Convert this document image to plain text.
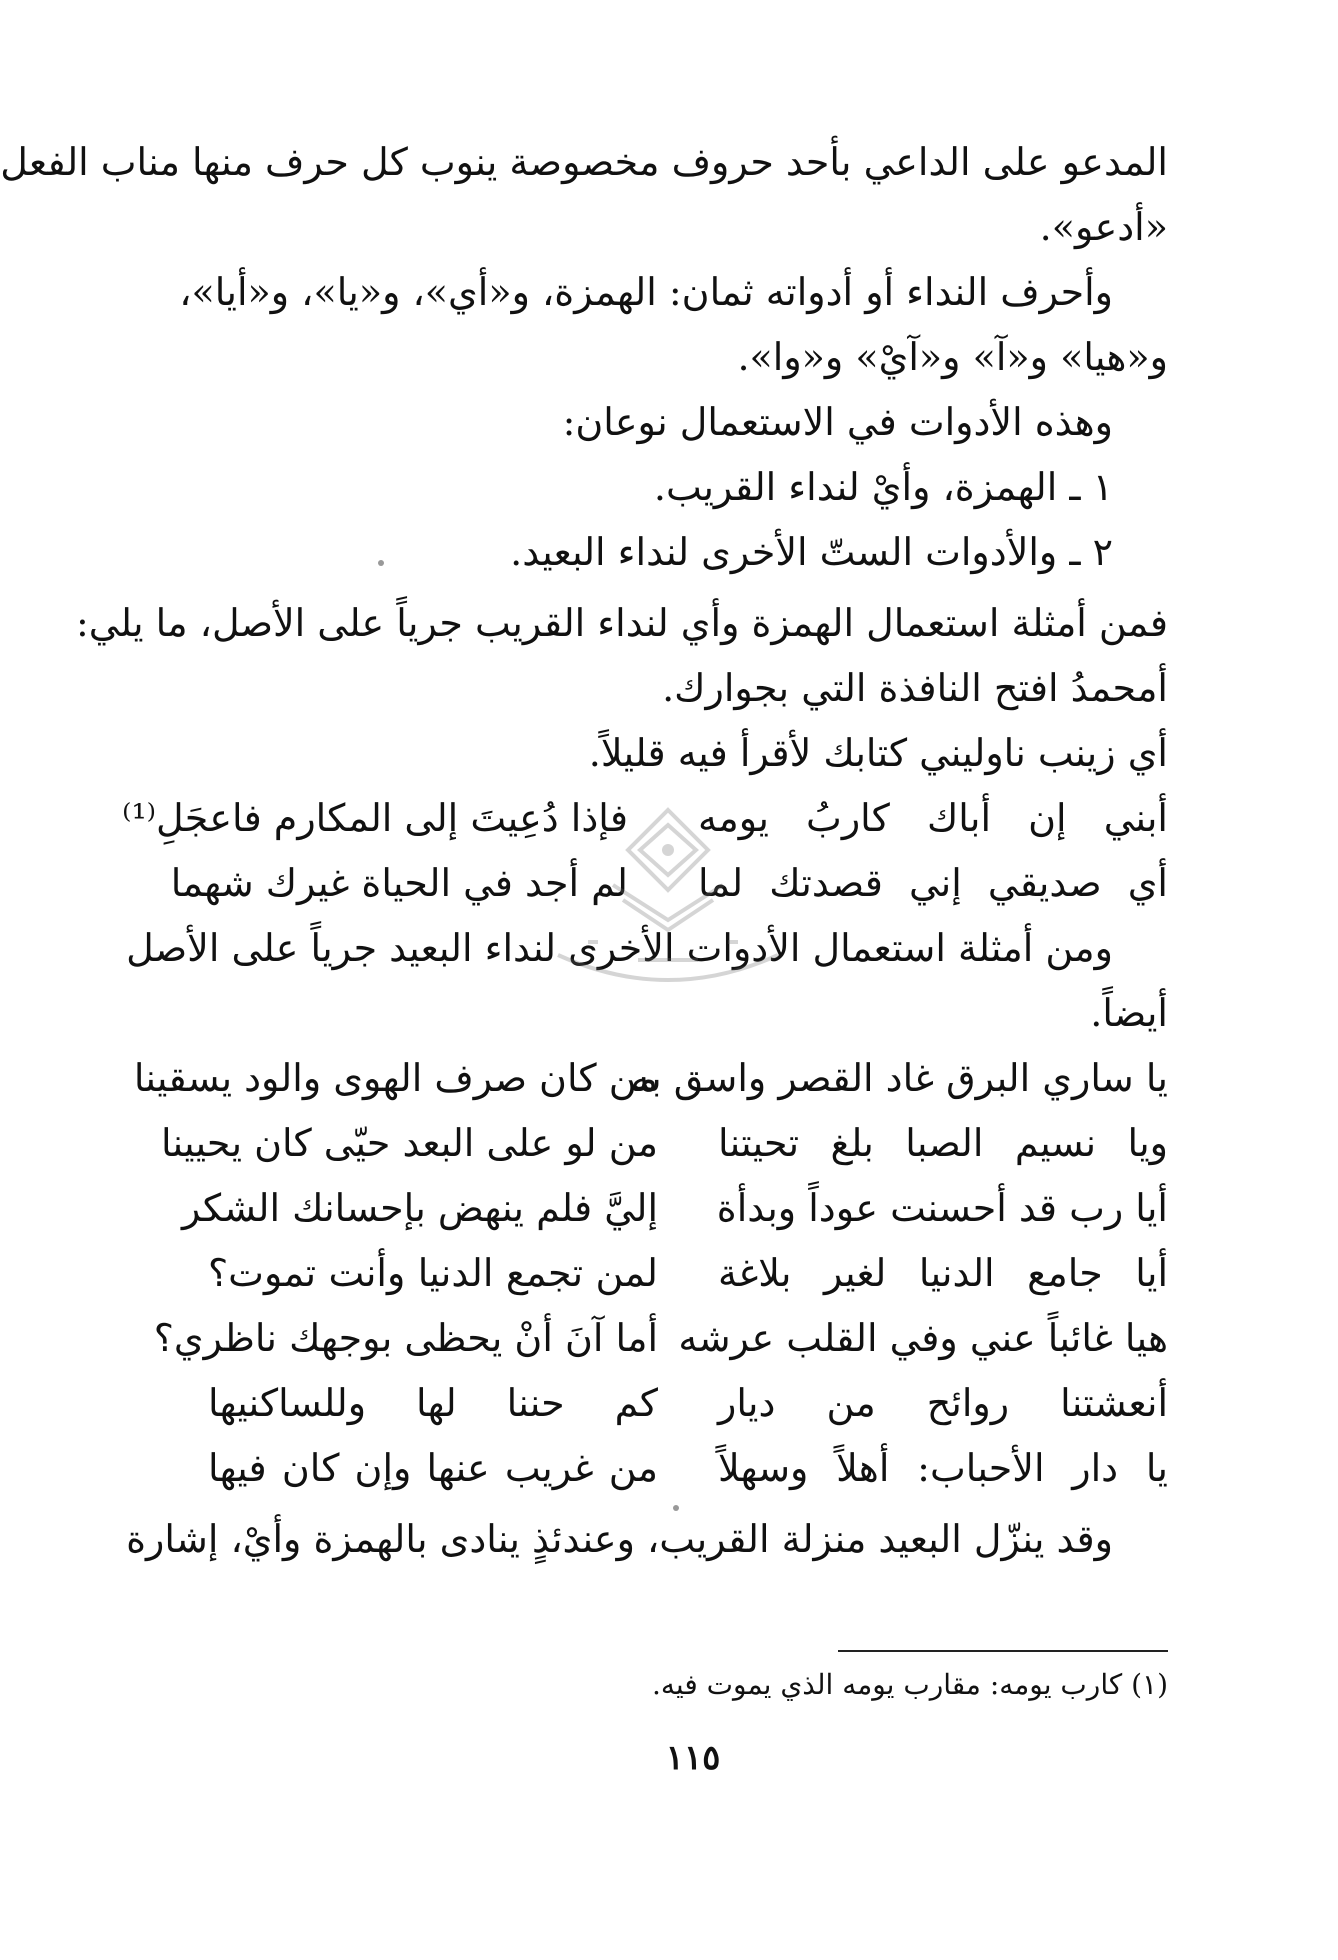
المدعو على الداعي بأحد حروف مخصوصة ينوب كل حرف منها مناب الفعل
«أدعو».
وأحرف النداء أو أدواته ثمان: الهمزة، و«أي»، و«يا»، و«أيا»،
و«هيا» و«آ» و«آيْ» و«وا».
وهذه الأدوات في الاستعمال نوعان:
١ ـ الهمزة، وأيْ لنداء القريب.
٢ ـ والأدوات الستّ الأخرى لنداء البعيد.
فمن أمثلة استعمال الهمزة وأي لنداء القريب جرياً على الأصل، ما يلي:
أمحمدُ افتح النافذة التي بجوارك.
أي زينب ناوليني كتابك لأقرأ فيه قليلاً.
أبني إن أباك كاربُ يومه
فإذا دُعِيتَ إلى المكارم فاعجَلِ⁽¹⁾
أي صديقي إني قصدتك لما
لم أجد في الحياة غيرك شهما
ومن أمثلة استعمال الأدوات الأخرى لنداء البعيد جرياً على الأصل
أيضاً.
يا ساري البرق غاد القصر واسق به
من كان صرف الهوى والود يسقينا
ويا نسيم الصبا بلغ تحيتنا
من لو على البعد حيّى كان يحيينا
أيا رب قد أحسنت عوداً وبدأة
إليَّ فلم ينهض بإحسانك الشكر
أيا جامع الدنيا لغير بلاغة
لمن تجمع الدنيا وأنت تموت؟
هيا غائباً عني وفي القلب عرشه
أما آنَ أنْ يحظى بوجهك ناظري؟
أنعشتنا روائح من ديار
كم حننا لها وللساكنيها
يا دار الأحباب: أهلاً وسهلاً
من غريب عنها وإن كان فيها
وقد ينزّل البعيد منزلة القريب، وعندئذٍ ينادى بالهمزة وأيْ، إشارة
(١) كارب يومه: مقارب يومه الذي يموت فيه.
١١٥
